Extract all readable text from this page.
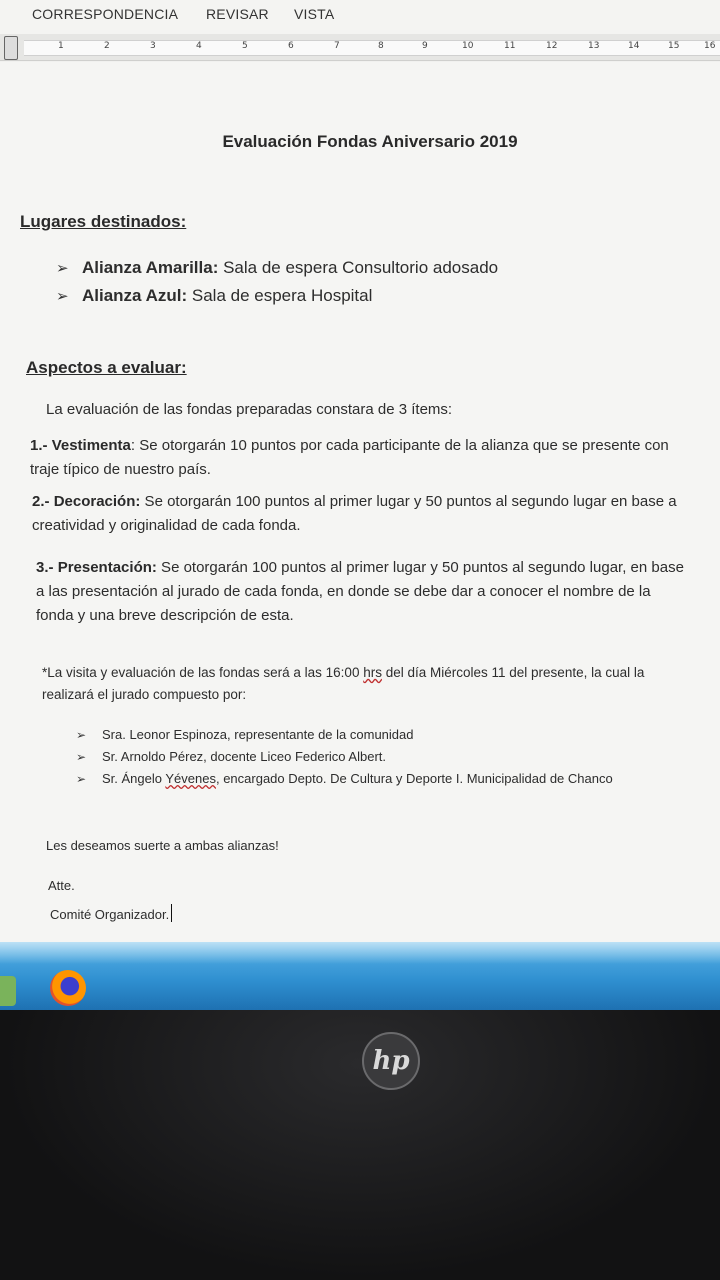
CORRESPONDENCIA REVISAR VISTA
1	2	3	4	5	6	7	8	9	10	11	12	13	14	15	16
Evaluación Fondas Aniversario 2019
Lugares destinados:
➢ Alianza Amarilla: Sala de espera Consultorio adosado
➢ Alianza Azul: Sala de espera Hospital
Aspectos a evaluar:
La evaluación de las fondas preparadas constara de 3 ítems:
1.- Vestimenta: Se otorgarán 10 puntos por cada participante de la alianza que se presente con traje típico de nuestro país.
2.- Decoración: Se otorgarán 100 puntos al primer lugar y 50 puntos al segundo lugar en base a creatividad y originalidad de cada fonda.
3.- Presentación: Se otorgarán 100 puntos al primer lugar y 50 puntos al segundo lugar, en base a las presentación al jurado de cada fonda, en donde se debe dar a conocer el nombre de la fonda y una breve descripción de esta.
*La visita y evaluación de las fondas será a las 16:00 hrs del día Miércoles 11 del presente, la cual la realizará el jurado compuesto por:
➢ Sra. Leonor Espinoza, representante de la comunidad
➢ Sr. Arnoldo Pérez, docente Liceo Federico Albert.
➢ Sr. Ángelo Yévenes, encargado Depto. De Cultura y Deporte I. Municipalidad de Chanco
Les deseamos suerte a ambas alianzas!
Atte.
Comité Organizador.
hp
